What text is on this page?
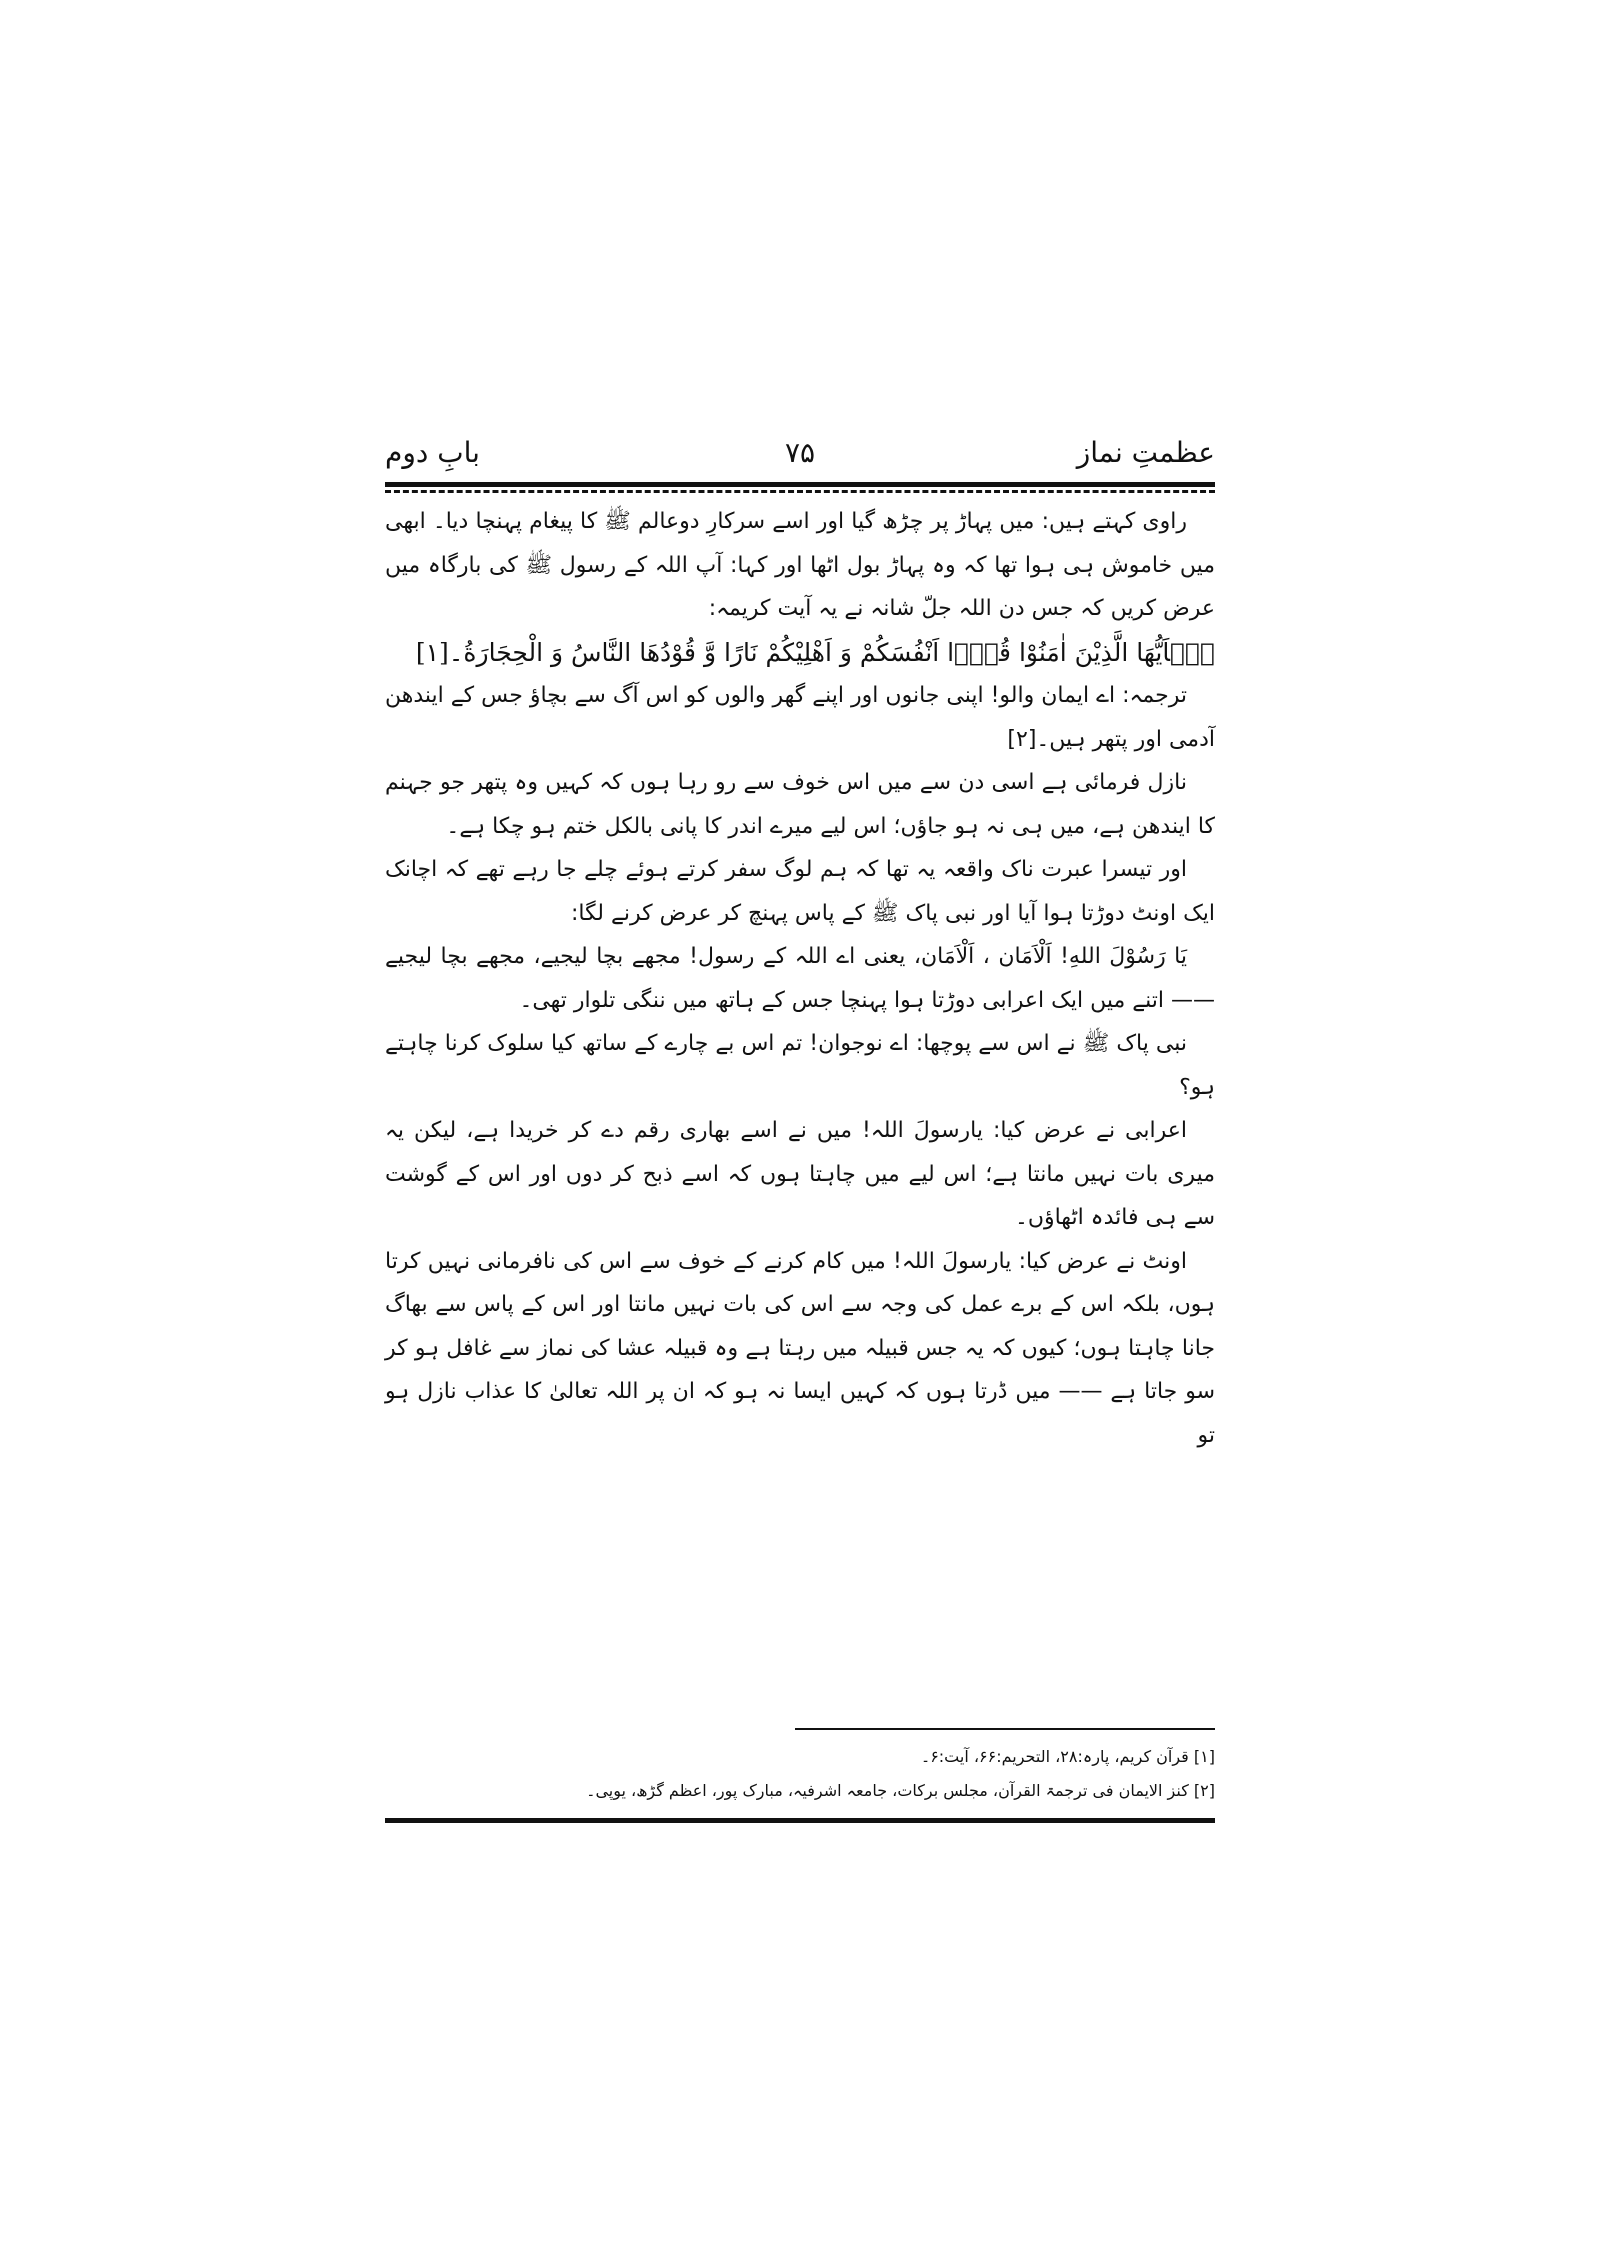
عظمتِ نماز
۷۵
بابِ دوم

راوی کہتے ہیں: میں پہاڑ پر چڑھ گیا اور اسے سرکارِ دوعالم ﷺ کا پیغام پہنچا دیا۔ ابھی میں خاموش ہی ہوا تھا کہ وہ پہاڑ بول اٹھا اور کہا: آپ اللہ کے رسول ﷺ کی بارگاہ میں عرض کریں کہ جس دن اللہ جلّ شانہ نے یہ آیت کریمہ:

یٰۤاَیُّهَا الَّذِیْنَ اٰمَنُوْا قُوْۤا اَنْفُسَكُمْ وَ اَهْلِیْكُمْ نَارًا وَّ قُوْدُهَا النَّاسُ وَ الْحِجَارَةُ۔[۱]

ترجمہ: اے ایمان والو! اپنی جانوں اور اپنے گھر والوں کو اس آگ سے بچاؤ جس کے ایندھن آدمی اور پتھر ہیں۔[۲]

نازل فرمائی ہے اسی دن سے میں اس خوف سے رو رہا ہوں کہ کہیں وہ پتھر جو جہنم کا ایندھن ہے، میں ہی نہ ہو جاؤں؛ اس لیے میرے اندر کا پانی بالکل ختم ہو چکا ہے۔

اور تیسرا عبرت ناک واقعہ یہ تھا کہ ہم لوگ سفر کرتے ہوئے چلے جا رہے تھے کہ اچانک ایک اونٹ دوڑتا ہوا آیا اور نبی پاک ﷺ کے پاس پہنچ کر عرض کرنے لگا:

یَا رَسُوْلَ اللهِ! اَلْاَمَان ، اَلْاَمَان، یعنی اے اللہ کے رسول! مجھے بچا لیجیے، مجھے بچا لیجیے —— اتنے میں ایک اعرابی دوڑتا ہوا پہنچا جس کے ہاتھ میں ننگی تلوار تھی۔

نبی پاک ﷺ نے اس سے پوچھا: اے نوجوان! تم اس بے چارے کے ساتھ کیا سلوک کرنا چاہتے ہو؟

اعرابی نے عرض کیا: یارسولَ اللہ! میں نے اسے بھاری رقم دے کر خریدا ہے، لیکن یہ میری بات نہیں مانتا ہے؛ اس لیے میں چاہتا ہوں کہ اسے ذبح کر دوں اور اس کے گوشت سے ہی فائدہ اٹھاؤں۔

اونٹ نے عرض کیا: یارسولَ اللہ! میں کام کرنے کے خوف سے اس کی نافرمانی نہیں کرتا ہوں، بلکہ اس کے برے عمل کی وجہ سے اس کی بات نہیں مانتا اور اس کے پاس سے بھاگ جانا چاہتا ہوں؛ کیوں کہ یہ جس قبیلہ میں رہتا ہے وہ قبیلہ عشا کی نماز سے غافل ہو کر سو جاتا ہے —— میں ڈرتا ہوں کہ کہیں ایسا نہ ہو کہ ان پر اللہ تعالیٰ کا عذاب نازل ہو تو

[۱] قرآن کریم، پارہ:۲۸، التحریم:۶۶، آیت:۶۔

[۲] کنز الایمان فی ترجمۃ القرآن، مجلس برکات، جامعہ اشرفیہ، مبارک پور، اعظم گڑھ، یوپی۔
